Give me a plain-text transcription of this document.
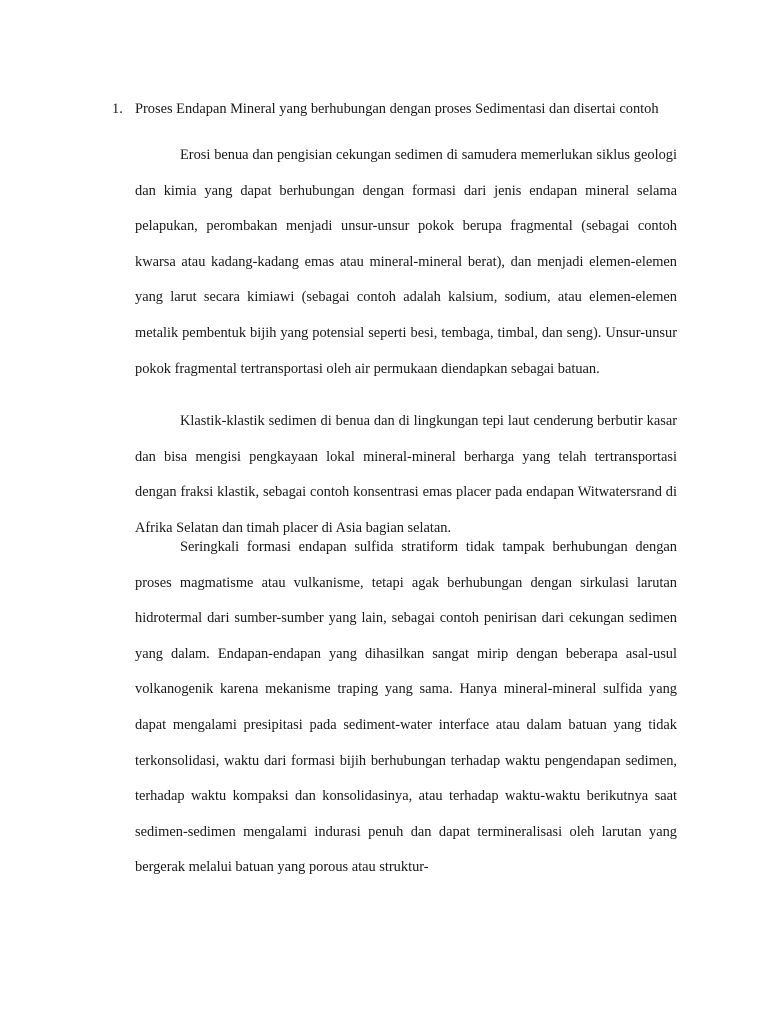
1. Proses Endapan Mineral yang berhubungan dengan proses Sedimentasi dan disertai contoh

Erosi benua dan pengisian cekungan sedimen di samudera memerlukan siklus geologi dan kimia yang dapat berhubungan dengan formasi dari jenis endapan mineral selama pelapukan, perombakan menjadi unsur-unsur pokok berupa fragmental (sebagai contoh kwarsa atau kadang-kadang emas atau mineral-mineral berat), dan menjadi elemen-elemen yang larut secara kimiawi (sebagai contoh adalah kalsium, sodium, atau elemen-elemen metalik pembentuk bijih yang potensial seperti besi, tembaga, timbal, dan seng). Unsur-unsur pokok fragmental tertransportasi oleh air permukaan diendapkan sebagai batuan.

Klastik-klastik sedimen di benua dan di lingkungan tepi laut cenderung berbutir kasar dan bisa mengisi pengkayaan lokal mineral-mineral berharga yang telah tertransportasi dengan fraksi klastik, sebagai contoh konsentrasi emas placer pada endapan Witwatersrand di Afrika Selatan dan timah placer di Asia bagian selatan.

Seringkali formasi endapan sulfida stratiform tidak tampak berhubungan dengan proses magmatisme atau vulkanisme, tetapi agak berhubungan dengan sirkulasi larutan hidrotermal dari sumber-sumber yang lain, sebagai contoh penirisan dari cekungan sedimen yang dalam. Endapan-endapan yang dihasilkan sangat mirip dengan beberapa asal-usul volkanogenik karena mekanisme traping yang sama. Hanya mineral-mineral sulfida yang dapat mengalami presipitasi pada sediment-water interface atau dalam batuan yang tidak terkonsolidasi, waktu dari formasi bijih berhubungan terhadap waktu pengendapan sedimen, terhadap waktu kompaksi dan konsolidasinya, atau terhadap waktu-waktu berikutnya saat sedimen-sedimen mengalami indurasi penuh dan dapat termineralisasi oleh larutan yang bergerak melalui batuan yang porous atau struktur-
